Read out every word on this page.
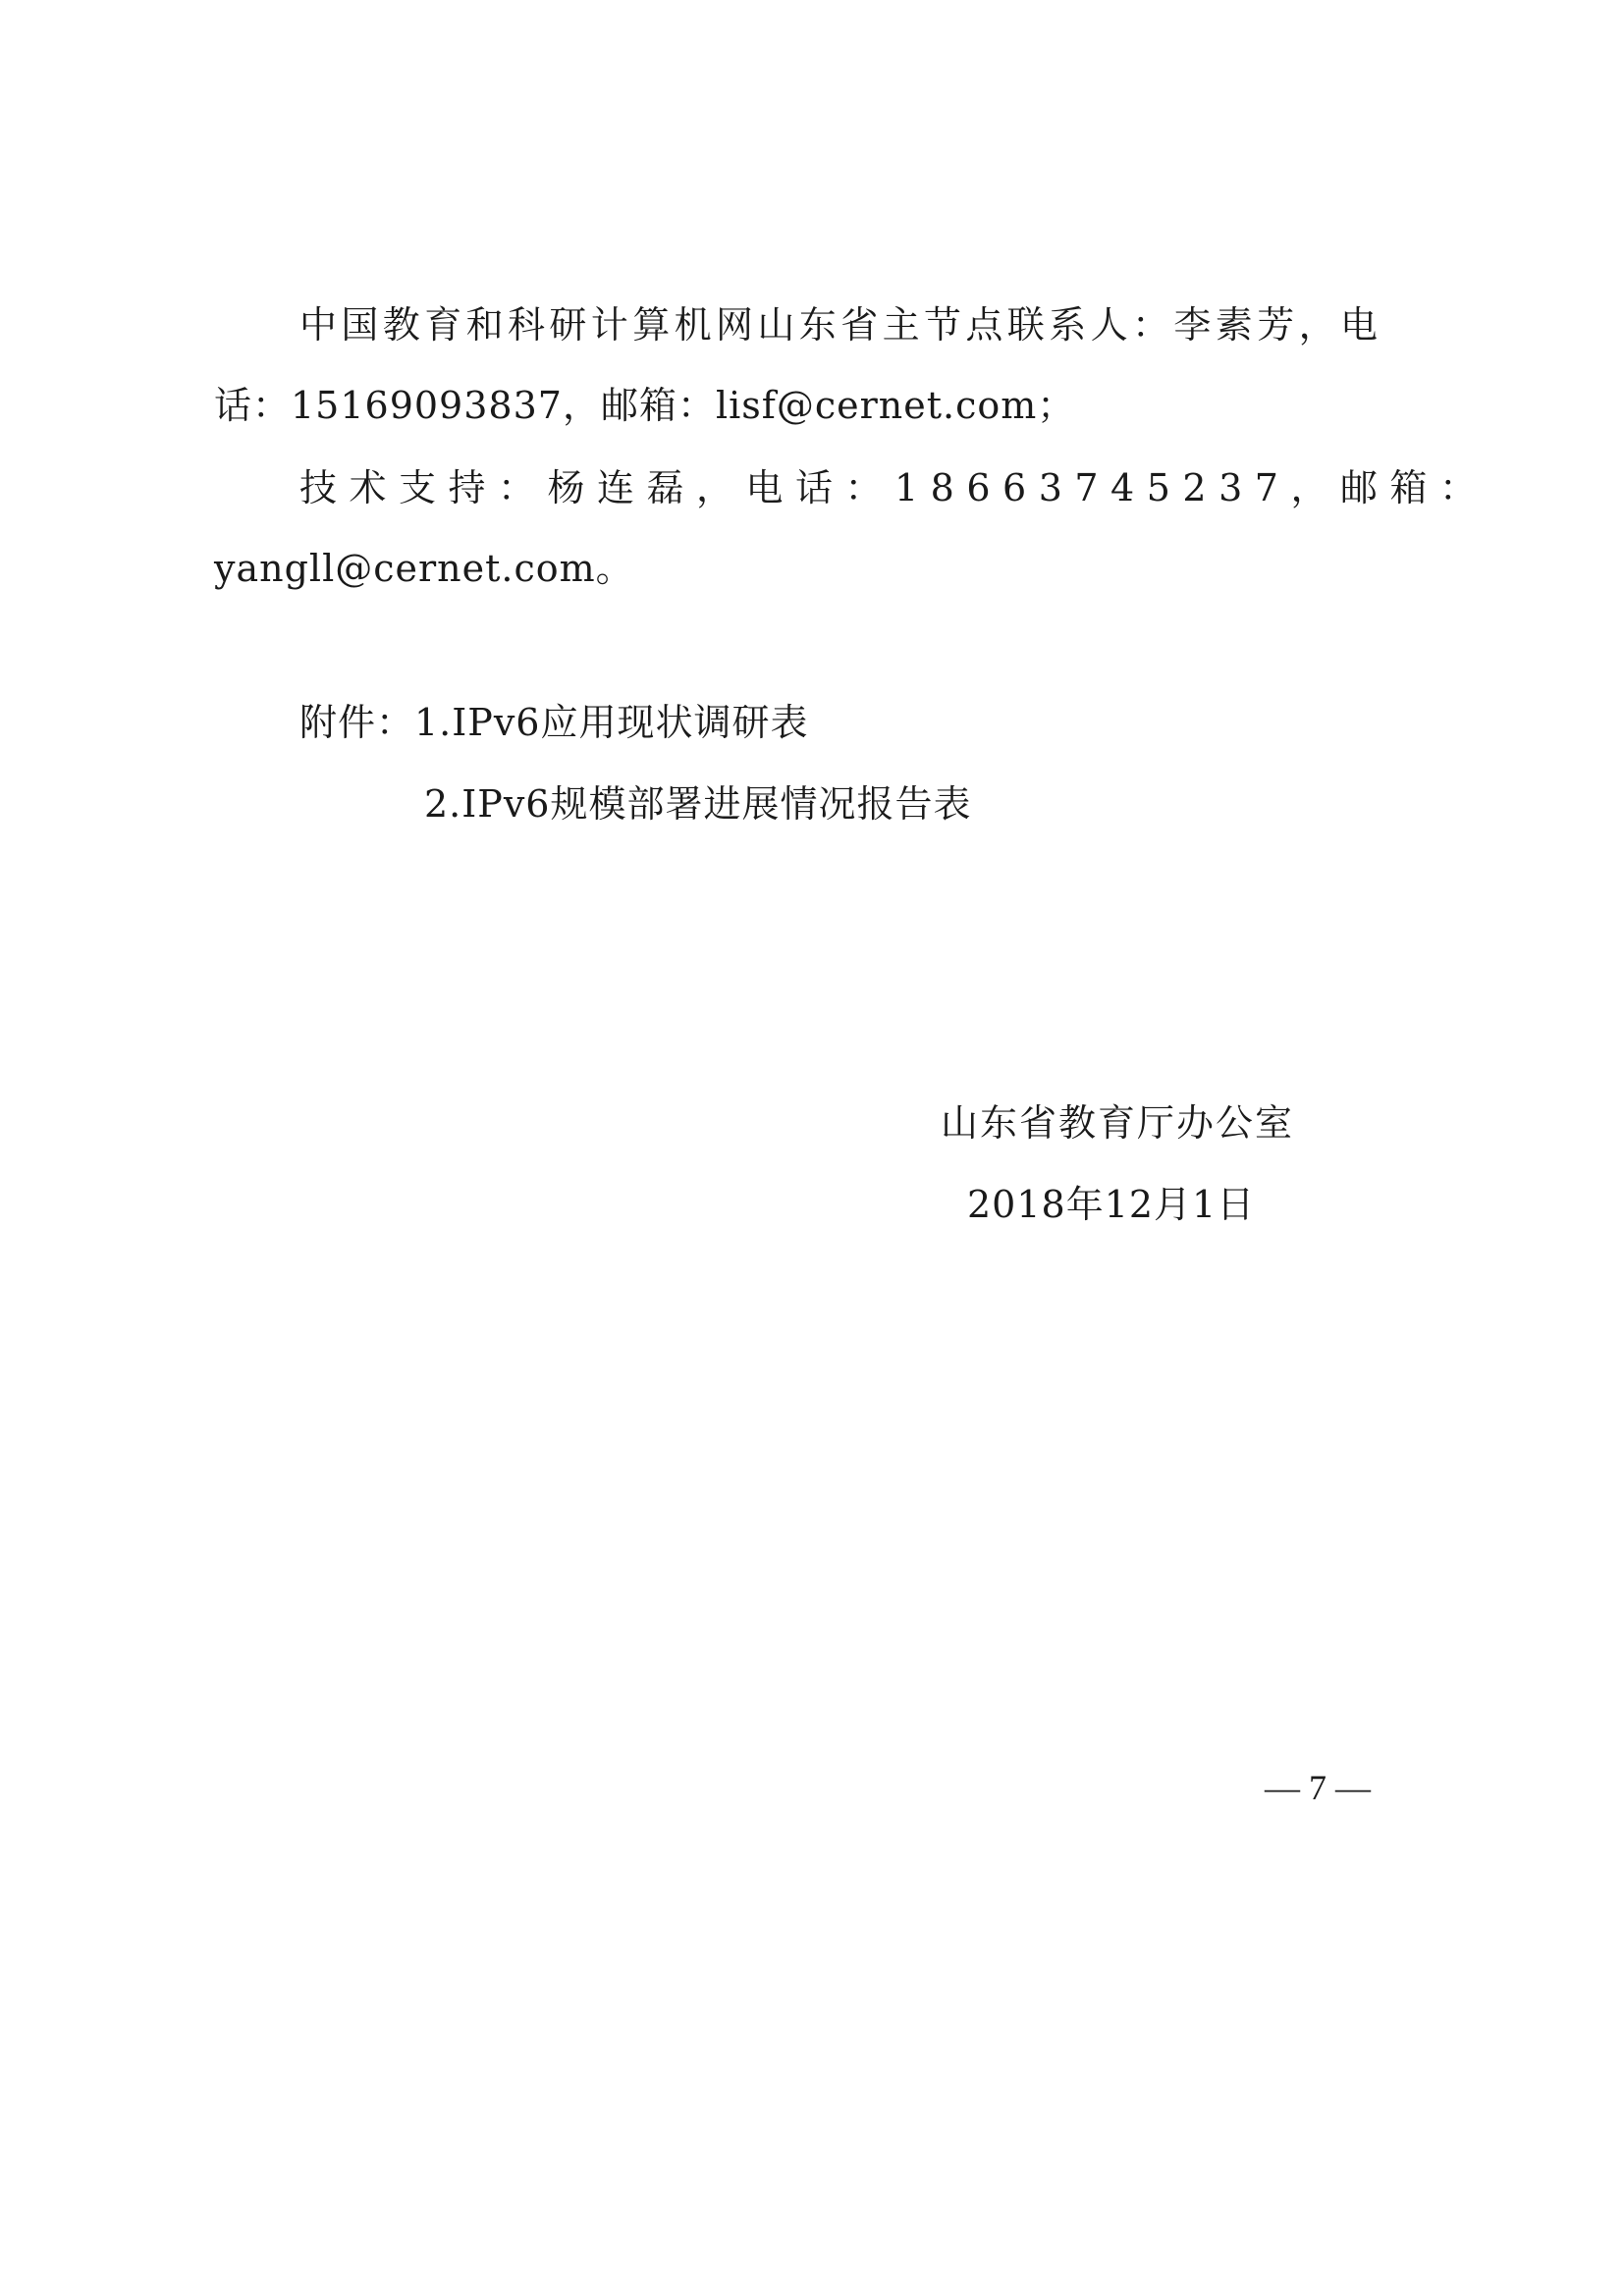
中国教育和科研计算机网山东省主节点联系人：李素芳，电
话：15169093837，邮箱：lisf@cernet.com；
技术支持：杨连磊，电话：18663745237，邮箱：
yangll@cernet.com。
附件：1.IPv6应用现状调研表
2.IPv6规模部署进展情况报告表
山东省教育厅办公室
2018年12月1日
— 7 —
